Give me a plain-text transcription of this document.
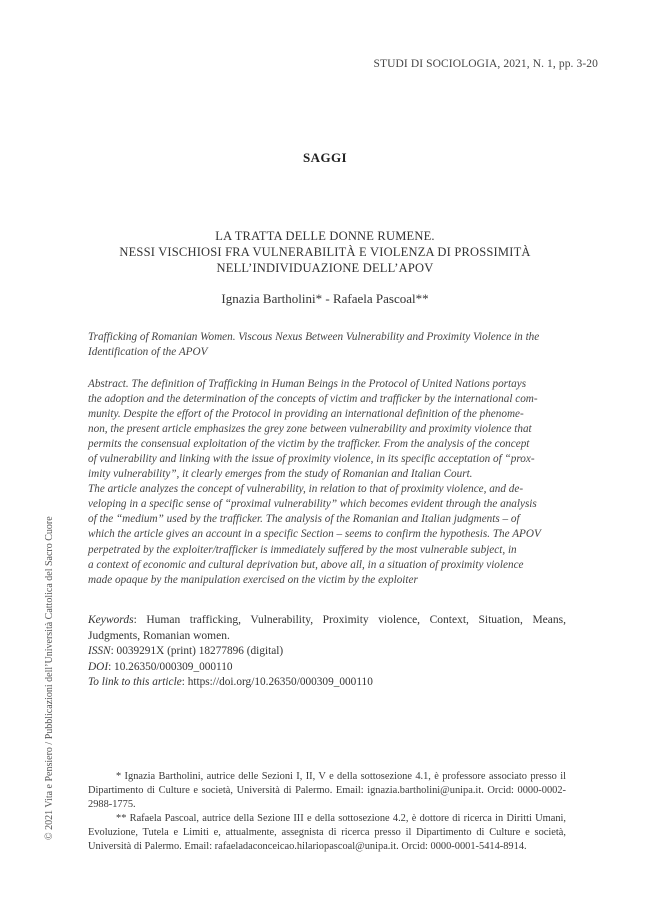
STUDI DI SOCIOLOGIA, 2021, N. 1, pp. 3-20
SAGGI
LA TRATTA DELLE DONNE RUMENE.
NESSI VISCHIOSI FRA VULNERABILITÀ E VIOLENZA DI PROSSIMITÀ
NELL’INDIVIDUAZIONE DELL’APOV
Ignazia Bartholini* - Rafaela Pascoal**
Trafficking of Romanian Women. Viscous Nexus Between Vulnerability and Proximity Violence in the Identification of the APOV
Abstract. The definition of Trafficking in Human Beings in the Protocol of United Nations portays
the adoption and the determination of the concepts of victim and trafficker by the international com-
munity. Despite the effort of the Protocol in providing an international definition of the phenome-
non, the present article emphasizes the grey zone between vulnerability and proximity violence that
permits the consensual exploitation of the victim by the trafficker. From the analysis of the concept
of vulnerability and linking with the issue of proximity violence, in its specific acceptation of “prox-
imity vulnerability”, it clearly emerges from the study of Romanian and Italian Court.
The article analyzes the concept of vulnerability, in relation to that of proximity violence, and de-
veloping in a specific sense of “proximal vulnerability” which becomes evident through the analysis
of the “medium” used by the trafficker. The analysis of the Romanian and Italian judgments – of
which the article gives an account in a specific Section – seems to confirm the hypothesis. The APOV
perpetrated by the exploiter/trafficker is immediately suffered by the most vulnerable subject, in
a context of economic and cultural deprivation but, above all, in a situation of proximity violence
made opaque by the manipulation exercised on the victim by the exploiter
Keywords: Human trafficking, Vulnerability, Proximity violence, Context, Situation, Means, Judgments, Romanian women.
ISSN: 0039291X (print) 18277896 (digital)
DOI: 10.26350/000309_000110
To link to this article: https://doi.org/10.26350/000309_000110

* Ignazia Bartholini, autrice delle Sezioni I, II, V e della sottosezione 4.1, è professore associato presso il Dipartimento di Culture e società, Università di Palermo. Email: ignazia.bartholini@unipa.it. Orcid: 0000-0002-2988-1775.

** Rafaela Pascoal, autrice della Sezione III e della sottosezione 4.2, è dottore di ricerca in Diritti Umani, Evoluzione, Tutela e Limiti e, attualmente, assegnista di ricerca presso il Dipartimento di Culture e società, Università di Palermo. Email: rafaeladaconceicao.hilariopascoal@unipa.it. Orcid: 0000-0001-5414-8914.

© 2021 Vita e Pensiero / Pubblicazioni dell’Università Cattolica del Sacro Cuore
